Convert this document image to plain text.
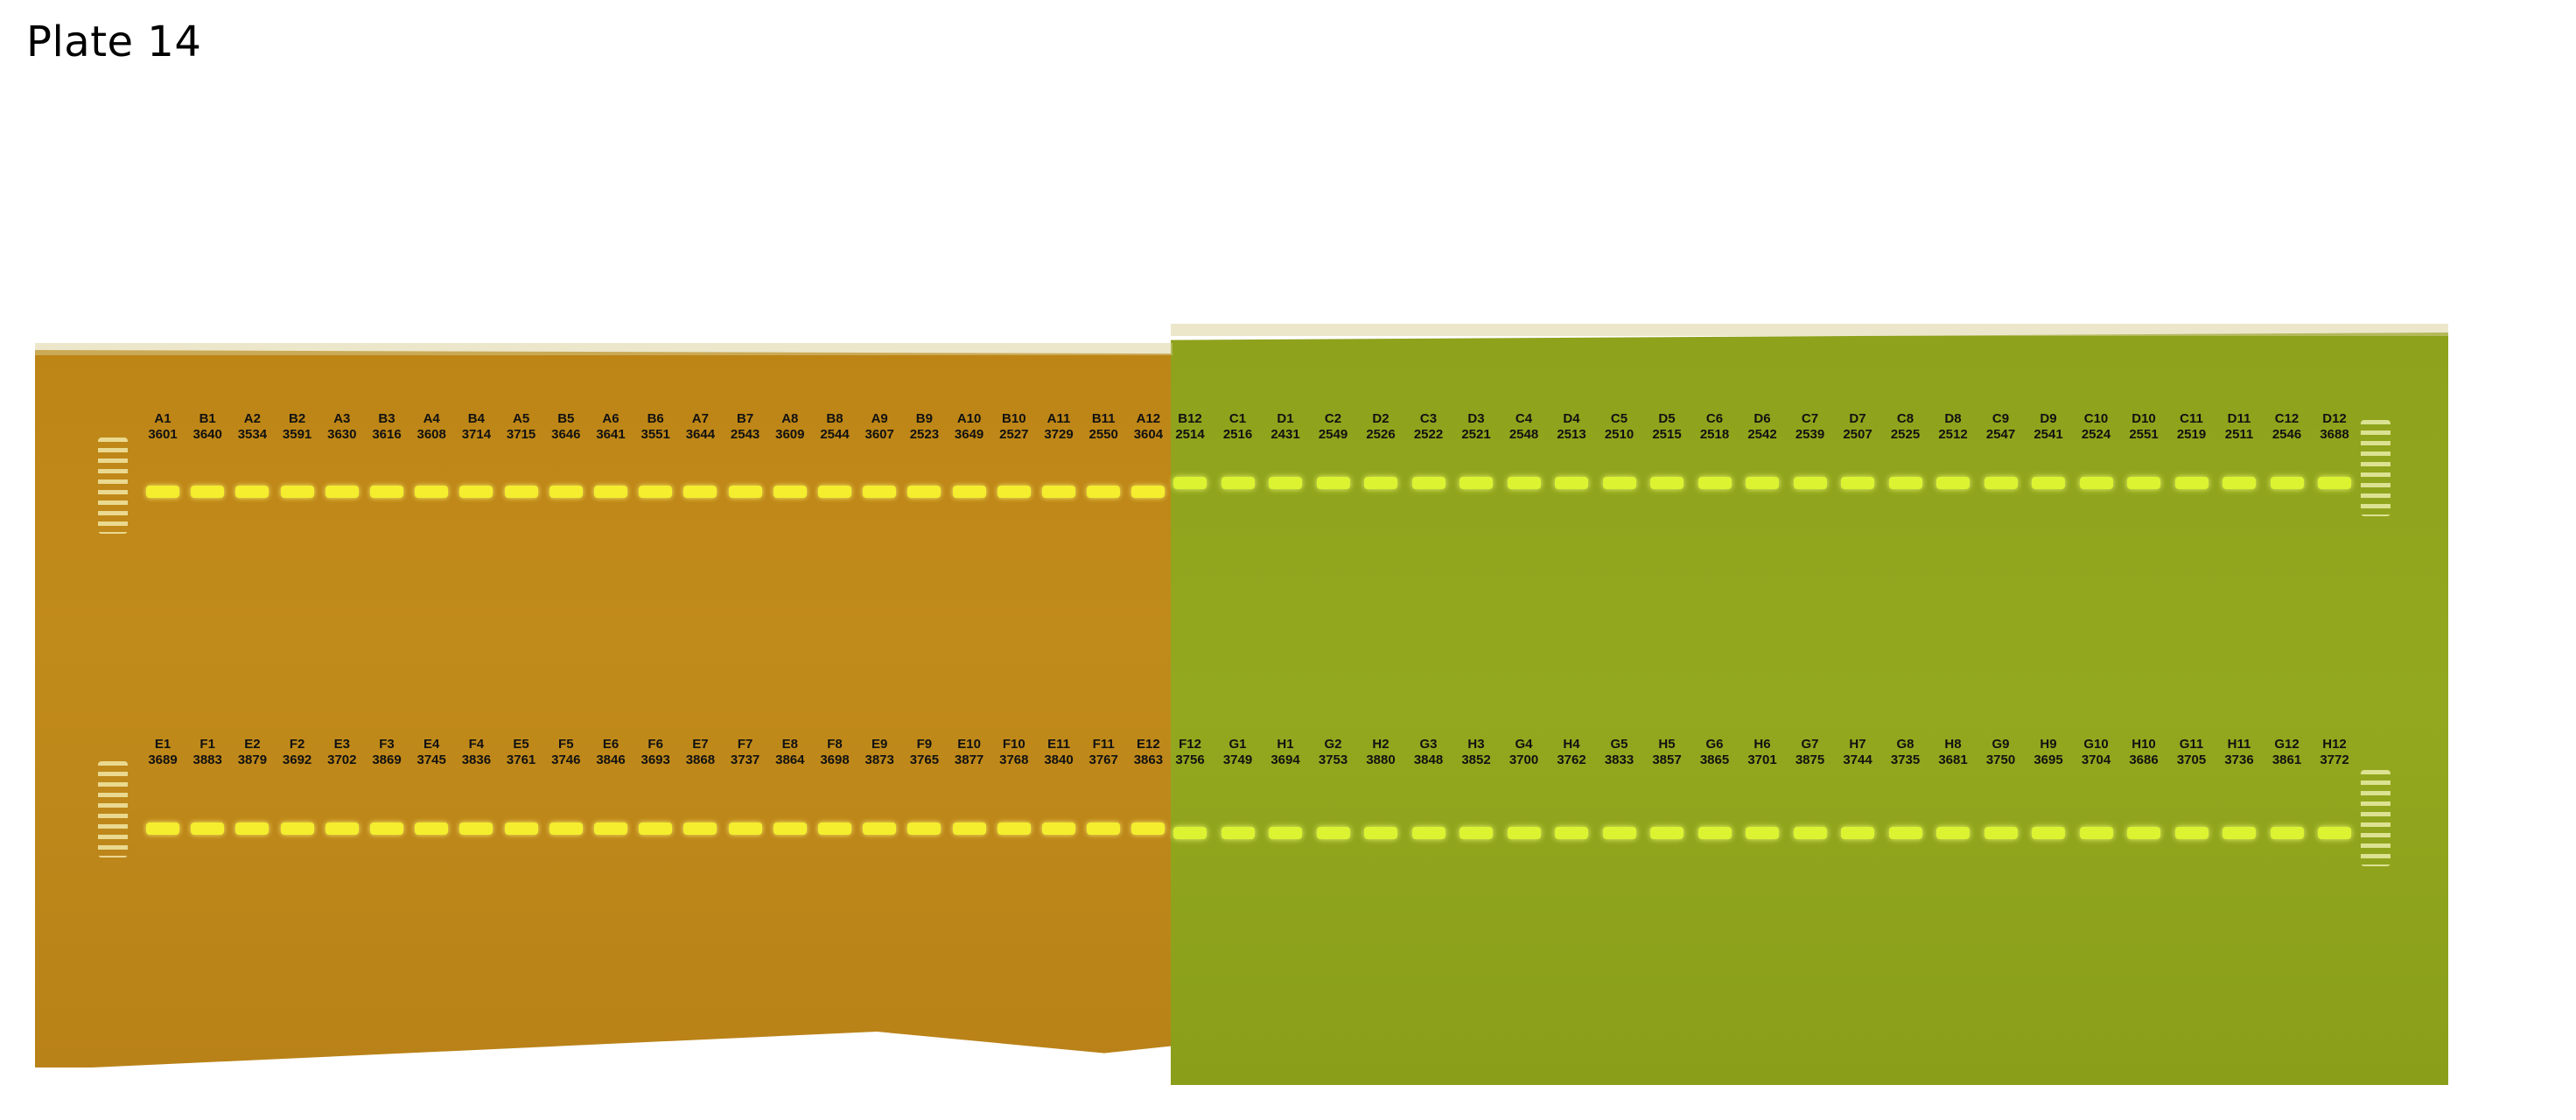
Plate 14
A1
3601
B1
3640
A2
3534
B2
3591
A3
3630
B3
3616
A4
3608
B4
3714
A5
3715
B5
3646
A6
3641
B6
3551
A7
3644
B7
2543
A8
3609
B8
2544
A9
3607
B9
2523
A10
3649
B10
2527
A11
3729
B11
2550
A12
3604
B12
2514
C1
2516
D1
2431
C2
2549
D2
2526
C3
2522
D3
2521
C4
2548
D4
2513
C5
2510
D5
2515
C6
2518
D6
2542
C7
2539
D7
2507
C8
2525
D8
2512
C9
2547
D9
2541
C10
2524
D10
2551
C11
2519
D11
2511
C12
2546
D12
3688
E1
3689
F1
3883
E2
3879
F2
3692
E3
3702
F3
3869
E4
3745
F4
3836
E5
3761
F5
3746
E6
3846
F6
3693
E7
3868
F7
3737
E8
3864
F8
3698
E9
3873
F9
3765
E10
3877
F10
3768
E11
3840
F11
3767
E12
3863
F12
3756
G1
3749
H1
3694
G2
3753
H2
3880
G3
3848
H3
3852
G4
3700
H4
3762
G5
3833
H5
3857
G6
3865
H6
3701
G7
3875
H7
3744
G8
3735
H8
3681
G9
3750
H9
3695
G10
3704
H10
3686
G11
3705
H11
3736
G12
3861
H12
3772
